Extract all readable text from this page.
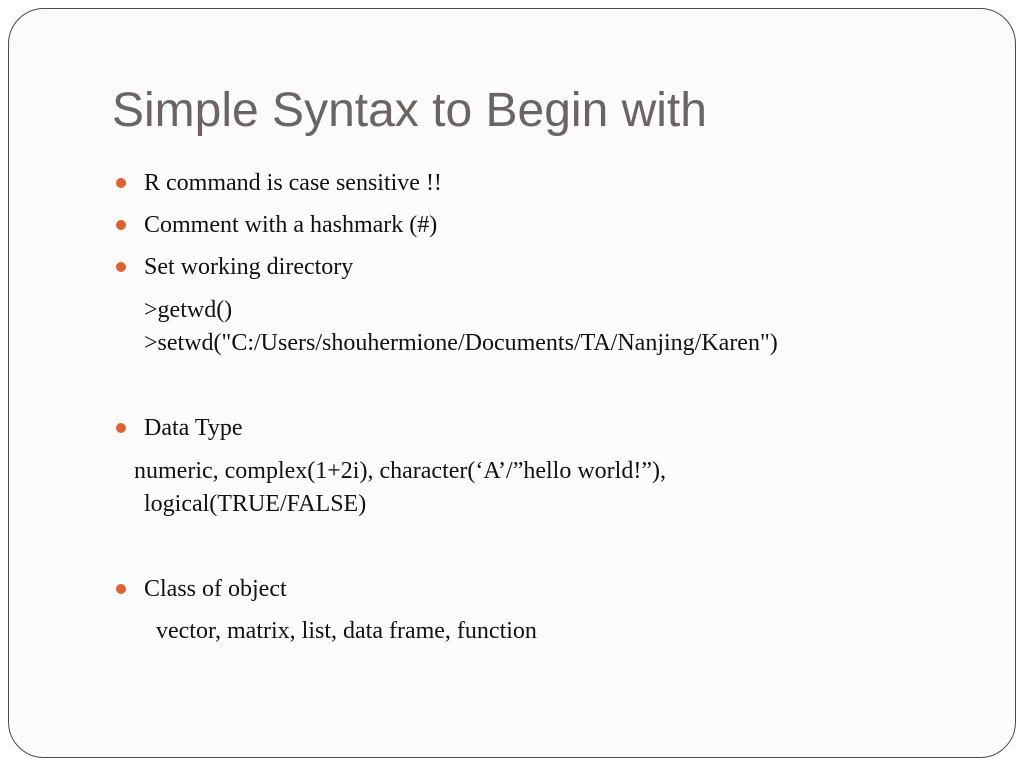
Simple Syntax to Begin with
R command is case sensitive !!
Comment with a hashmark (#)
Set working directory
>getwd()
>setwd("C:/Users/shouhermione/Documents/TA/Nanjing/Karen")
Data Type
numeric, complex(1+2i), character(‘A’/”hello world!”),
logical(TRUE/FALSE)
Class of object
vector, matrix, list, data frame, function
